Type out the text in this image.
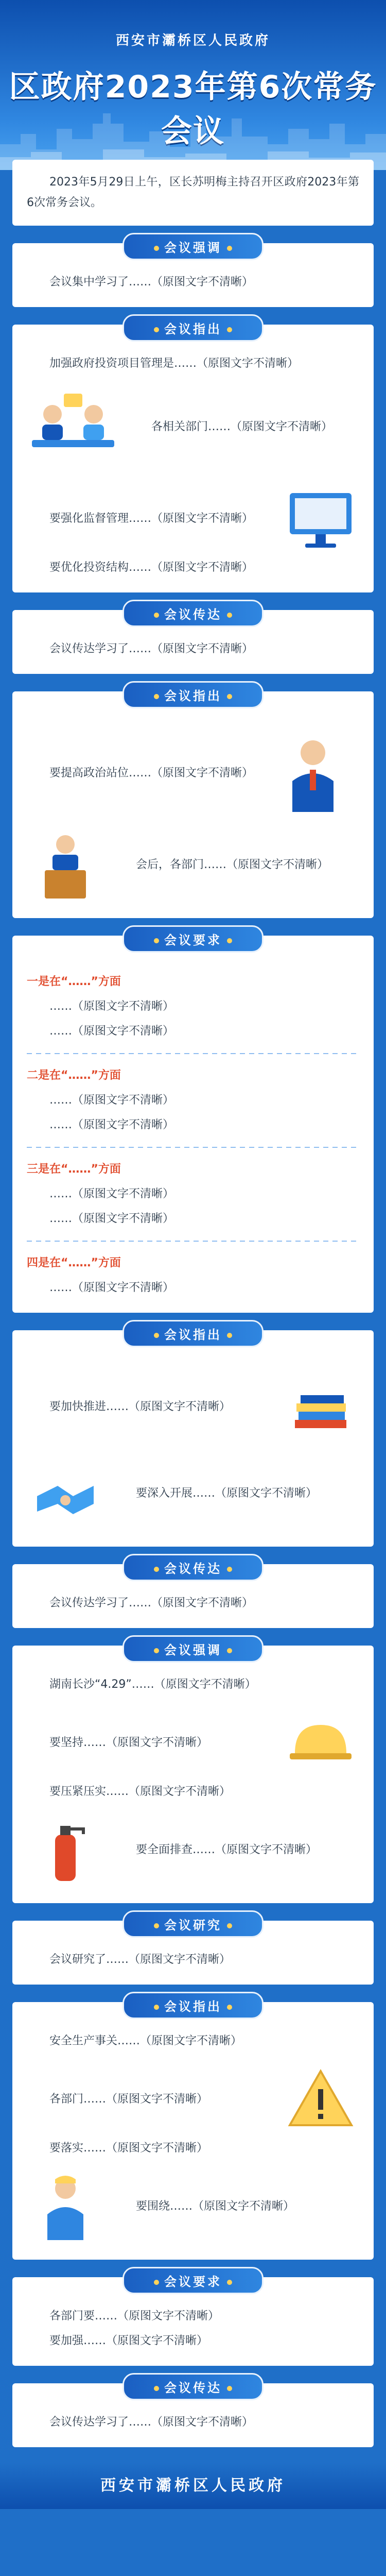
西安市灞桥区人民政府
区政府2023年第6次常务会议

2023年5月29日上午，区长苏明梅主持召开区政府2023年第6次常务会议。

会议强调

会议集中学习了……（原图文字不清晰）

会议指出

加强政府投资项目管理是……（原图文字不清晰）

各相关部门……（原图文字不清晰）

要强化监督管理……（原图文字不清晰）

要优化投资结构……（原图文字不清晰）

会议传达

会议传达学习了……（原图文字不清晰）

会议指出

要提高政治站位……（原图文字不清晰）

会后，各部门……（原图文字不清晰）

会议要求

一是在“……”方面

……（原图文字不清晰）

……（原图文字不清晰）

二是在“……”方面

……（原图文字不清晰）

……（原图文字不清晰）

三是在“……”方面

……（原图文字不清晰）

……（原图文字不清晰）

四是在“……”方面

……（原图文字不清晰）

会议指出

要加快推进……（原图文字不清晰）

要深入开展……（原图文字不清晰）

会议传达

会议传达学习了……（原图文字不清晰）

会议强调

湖南长沙“4.29”……（原图文字不清晰）

要坚持……（原图文字不清晰）

要压紧压实……（原图文字不清晰）

要全面排查……（原图文字不清晰）

会议研究

会议研究了……（原图文字不清晰）

会议指出

安全生产事关……（原图文字不清晰）

各部门……（原图文字不清晰）

要落实……（原图文字不清晰）

要围绕……（原图文字不清晰）

会议要求

各部门要……（原图文字不清晰）

要加强……（原图文字不清晰）

会议传达

会议传达学习了……（原图文字不清晰）

西安市灞桥区人民政府
